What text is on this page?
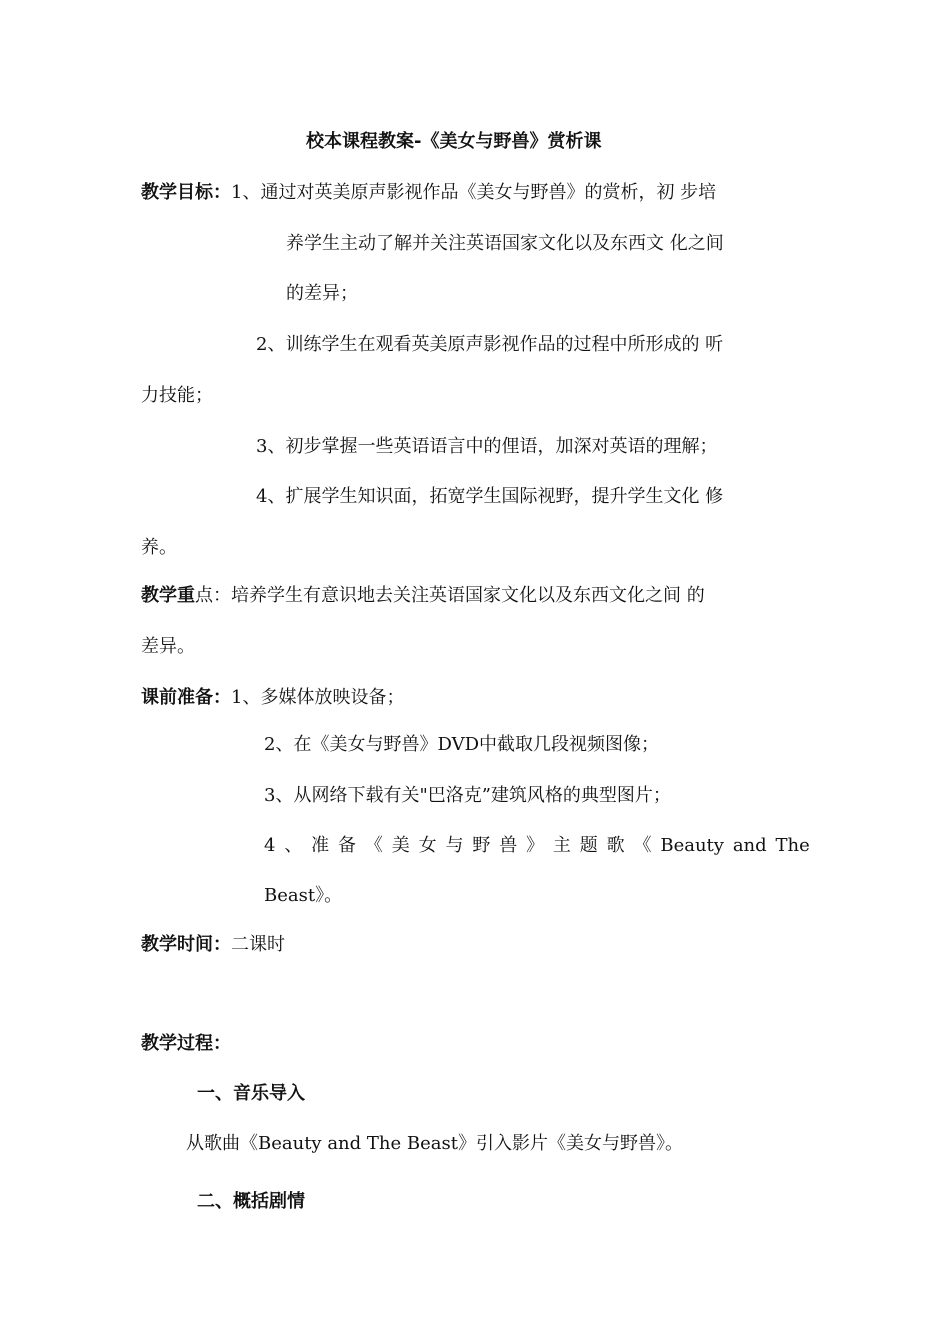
校本课程教案-《美女与野兽》赏析课
教学目标：1、通过对英美原声影视作品《美女与野兽》的赏析，初 步培
养学生主动了解并关注英语国家文化以及东西文 化之间
的差异；
2、训练学生在观看英美原声影视作品的过程中所形成的 听
力技能；
3、初步掌握一些英语语言中的俚语，加深对英语的理解；
4、扩展学生知识面，拓宽学生国际视野，提升学生文化 修
养。
教学重点：培养学生有意识地去关注英语国家文化以及东西文化之间 的
差异。
课前准备：1、多媒体放映设备；
2、在《美女与野兽》DVD中截取几段视频图像；
3、从网络下载有关"巴洛克”建筑风格的典型图片；
4 、 准 备 《 美 女 与 野 兽 》 主 题 歌 《 Beauty and The
Beast》。
教学时间：二课时
教学过程：
一、音乐导入
从歌曲《Beauty and The Beast》引入影片《美女与野兽》。
二、概括剧情
